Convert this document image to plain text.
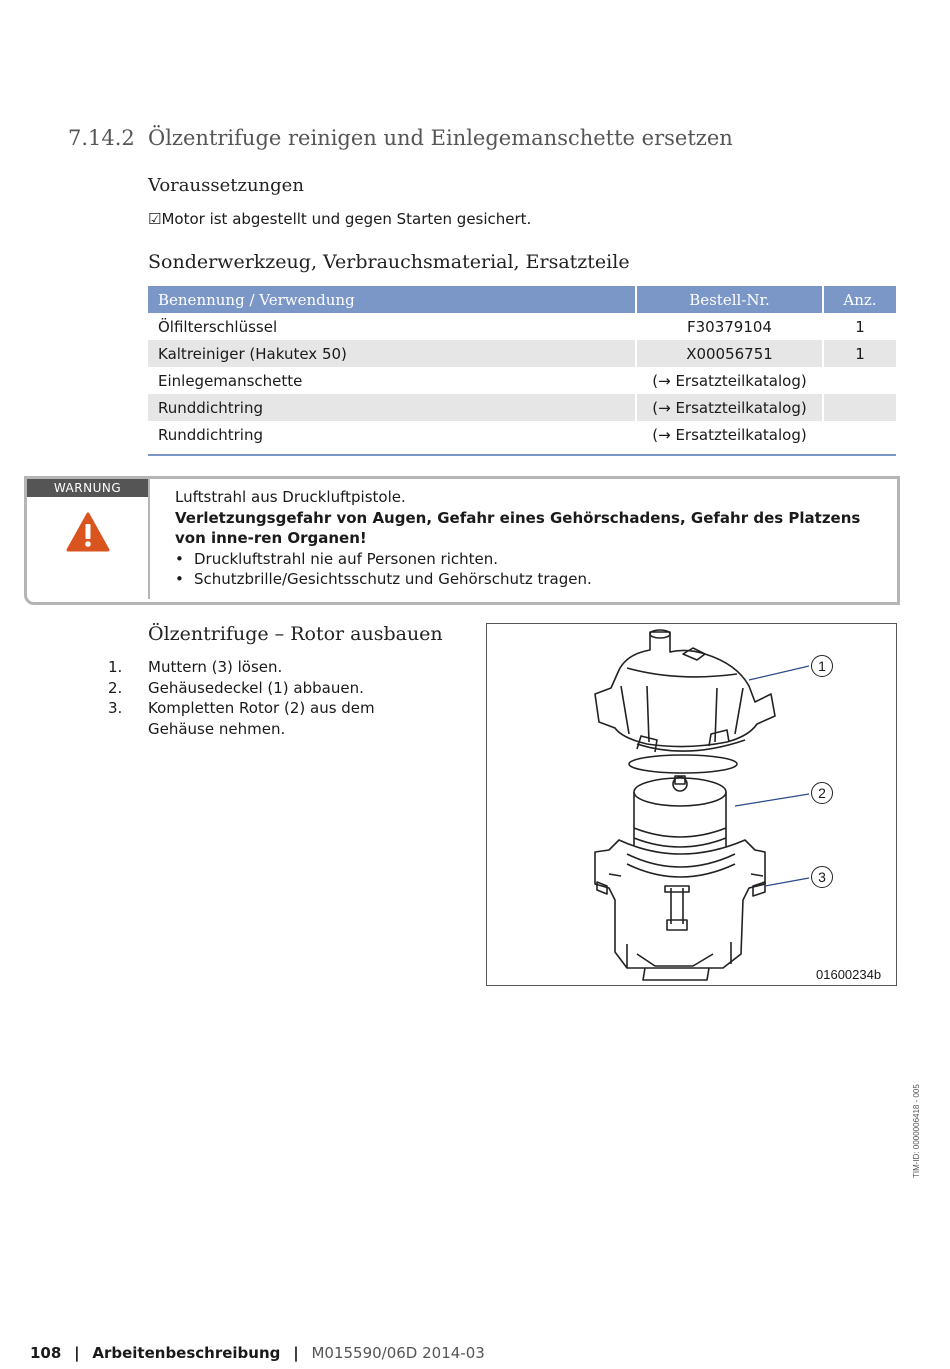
7.14.2 Ölzentrifuge reinigen und Einlegemanschette ersetzen
Voraussetzungen
☑Motor ist abgestellt und gegen Starten gesichert.
Sonderwerkzeug, Verbrauchsmaterial, Ersatzteile
Benennung / Verwendung	Bestell-Nr.	Anz.
Ölfilterschlüssel	F30379104	1
Kaltreiniger (Hakutex 50)	X00056751	1
Einlegemanschette	(→ Ersatzteilkatalog)	
Runddichtring	(→ Ersatzteilkatalog)	
Runddichtring	(→ Ersatzteilkatalog)	
WARNUNG	Luftstrahl aus Druckluftpistole.
Verletzungsgefahr von Augen, Gefahr eines Gehörschadens, Gefahr des Platzens von inne-ren Organen!
• Druckluftstrahl nie auf Personen richten.
• Schutzbrille/Gesichtsschutz und Gehörschutz tragen.
Ölzentrifuge – Rotor ausbauen
1.	Muttern (3) lösen.
2.	Gehäusedeckel (1) abbauen.
3.	Kompletten Rotor (2) aus dem Gehäuse nehmen.
1
2
3
01600234b
TIM-ID: 0000006418 - 005
108 | Arbeitenbeschreibung | M015590/06D 2014-03
